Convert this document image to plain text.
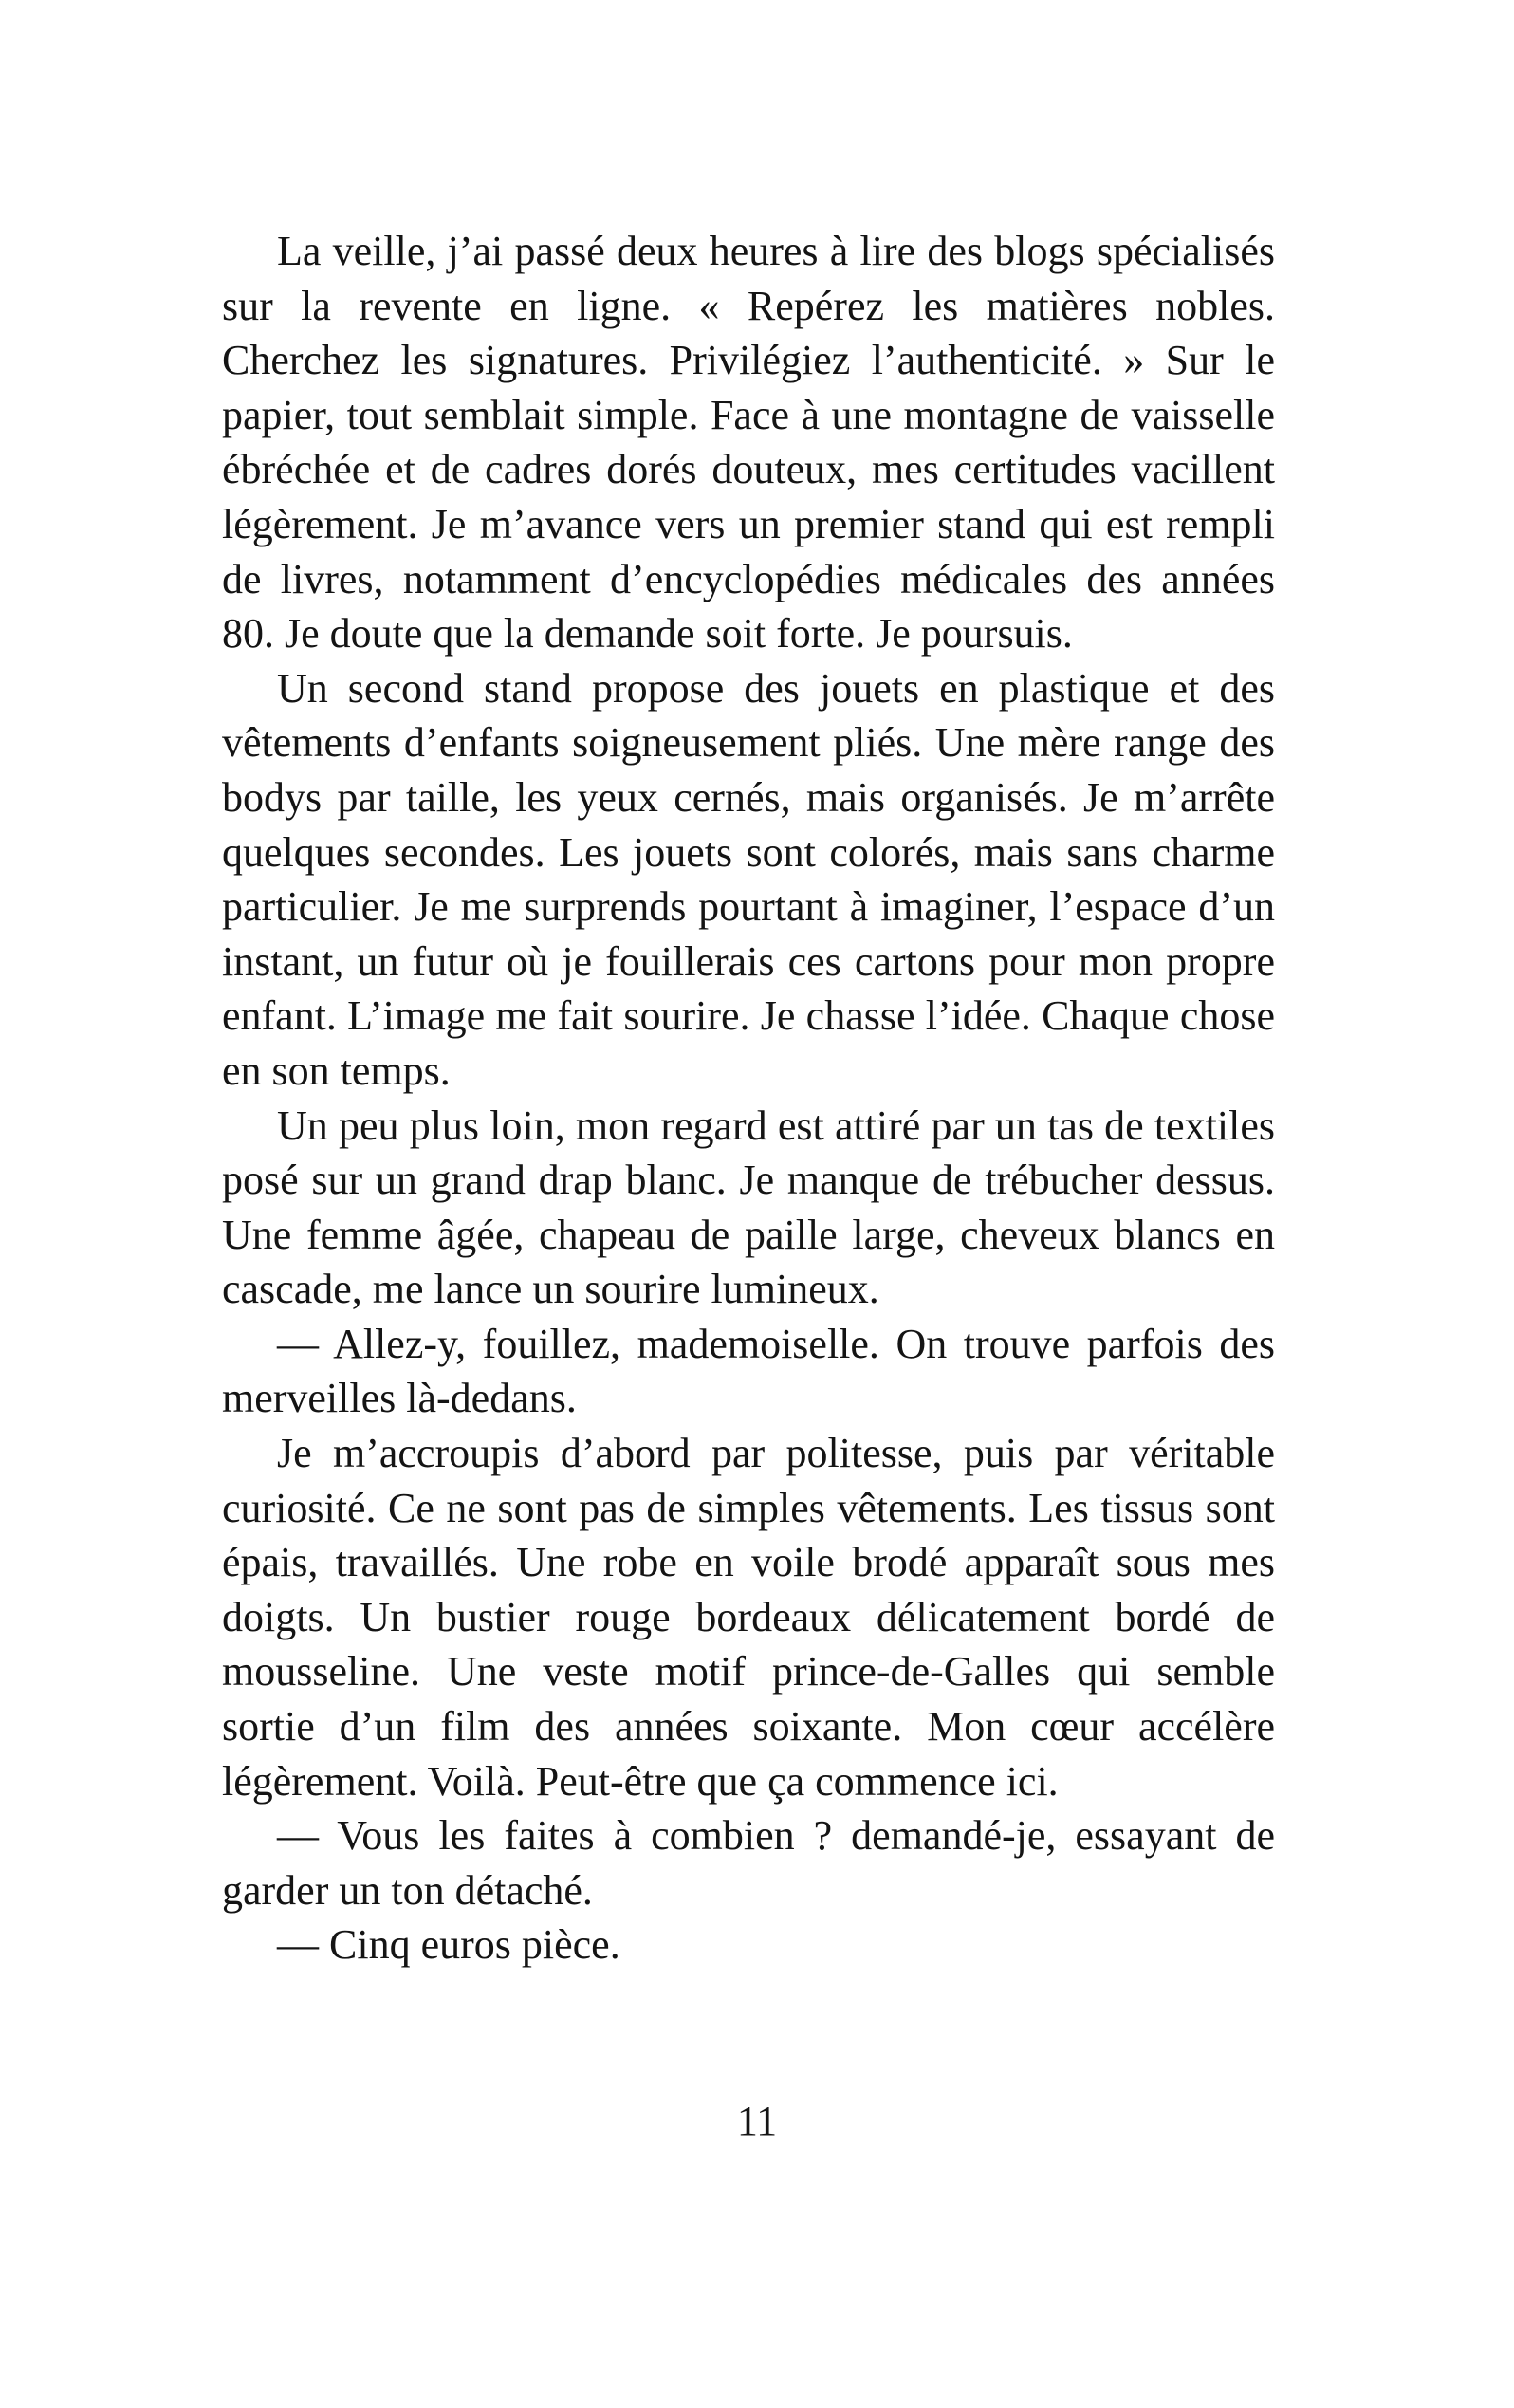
La veille, j’ai passé deux heures à lire des blogs spécialisés sur la revente en ligne. « Repérez les matières nobles. Cherchez les signatures. Privilégiez l’authenticité. » Sur le papier, tout semblait simple. Face à une montagne de vaisselle ébréchée et de cadres dorés douteux, mes certitudes vacillent légèrement. Je m’avance vers un premier stand qui est rempli de livres, notamment d’encyclopédies médicales des années 80. Je doute que la demande soit forte. Je poursuis.

Un second stand propose des jouets en plastique et des vêtements d’enfants soigneusement pliés. Une mère range des bodys par taille, les yeux cernés, mais organisés. Je m’arrête quelques secondes. Les jouets sont colorés, mais sans charme particulier. Je me surprends pourtant à imaginer, l’espace d’un instant, un futur où je fouillerais ces cartons pour mon propre enfant. L’image me fait sourire. Je chasse l’idée. Chaque chose en son temps.

Un peu plus loin, mon regard est attiré par un tas de textiles posé sur un grand drap blanc. Je manque de trébucher dessus. Une femme âgée, chapeau de paille large, cheveux blancs en cascade, me lance un sourire lumineux.

— Allez-y, fouillez, mademoiselle. On trouve parfois des merveilles là-dedans.

Je m’accroupis d’abord par politesse, puis par véritable curiosité. Ce ne sont pas de simples vêtements. Les tissus sont épais, travaillés. Une robe en voile brodé apparaît sous mes doigts. Un bustier rouge bordeaux délicatement bordé de mousseline. Une veste motif prince-de-Galles qui semble sortie d’un film des années soixante. Mon cœur accélère légèrement. Voilà. Peut-être que ça commence ici.

— Vous les faites à combien ? demandé-je, essayant de garder un ton détaché.

— Cinq euros pièce.

11
